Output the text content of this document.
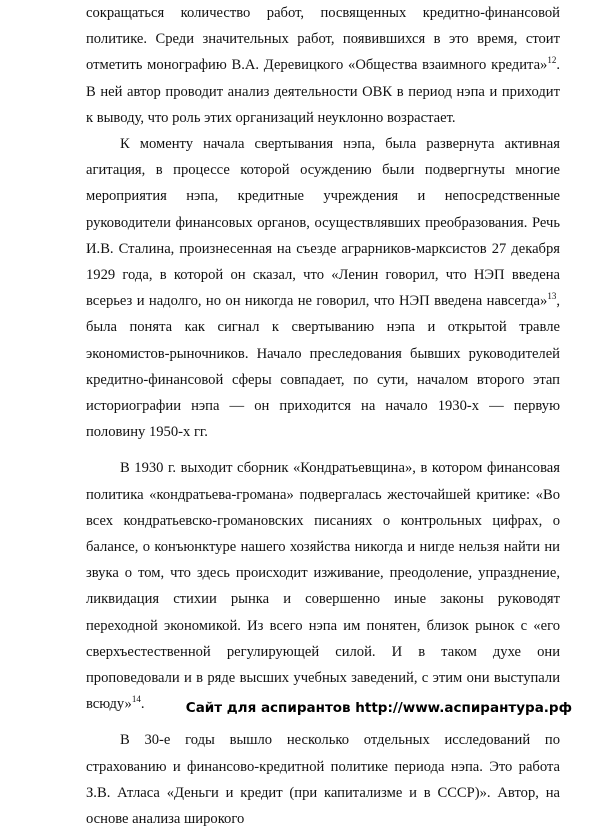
сокращаться количество работ, посвященных кредитно-финансовой политике. Среди значительных работ, появившихся в это время, стоит отметить монографию В.А. Деревицкого «Общества взаимного кредита»$^{12}$. В ней автор проводит анализ деятельности ОВК в период нэпа и приходит к выводу, что роль этих организаций неуклонно возрастает.

К моменту начала свертывания нэпа, была развернута активная агитация, в процессе которой осуждению были подвергнуты многие мероприятия нэпа, кредитные учреждения и непосредственные руководители финансовых органов, осуществлявших преобразования. Речь И.В. Сталина, произнесенная на съезде аграрников-марксистов 27 декабря 1929 года, в которой он сказал, что «Ленин говорил, что НЭП введена всерьез и надолго, но он никогда не говорил, что НЭП введена навсегда»$^{13}$, была понята как сигнал к свертыванию нэпа и открытой травле экономистов-рыночников. Начало преследования бывших руководителей кредитно-финансовой сферы совпадает, по сути, началом второго этап историографии нэпа — он приходится на начало 1930-х — первую половину 1950-х гг.

В 1930 г. выходит сборник «Кондратьевщина», в котором финансовая политика «кондратьева-громана» подвергалась жесточайшей критике: «Во всех кондратьевско-громановских писаниях о контрольных цифрах, о балансе, о конъюнктуре нашего хозяйства никогда и нигде нельзя найти ни звука о том, что здесь происходит изживание, преодоление, упразднение, ликвидация стихии рынка и совершенно иные законы руководят переходной экономикой. Из всего нэпа им понятен, близок рынок с «его сверхъестественной регулирующей силой. И в таком духе они проповедовали и в ряде высших учебных заведений, с этим они выступали всюду»$^{14}$.

В 30-е годы вышло несколько отдельных исследований по страхованию и финансово-кредитной политике периода нэпа. Это работа З.В. Атласа «Деньги и кредит (при капитализме и в СССР)». Автор, на основе анализа широкого

Сайт для аспирантов http://www.аспирантура.рф
